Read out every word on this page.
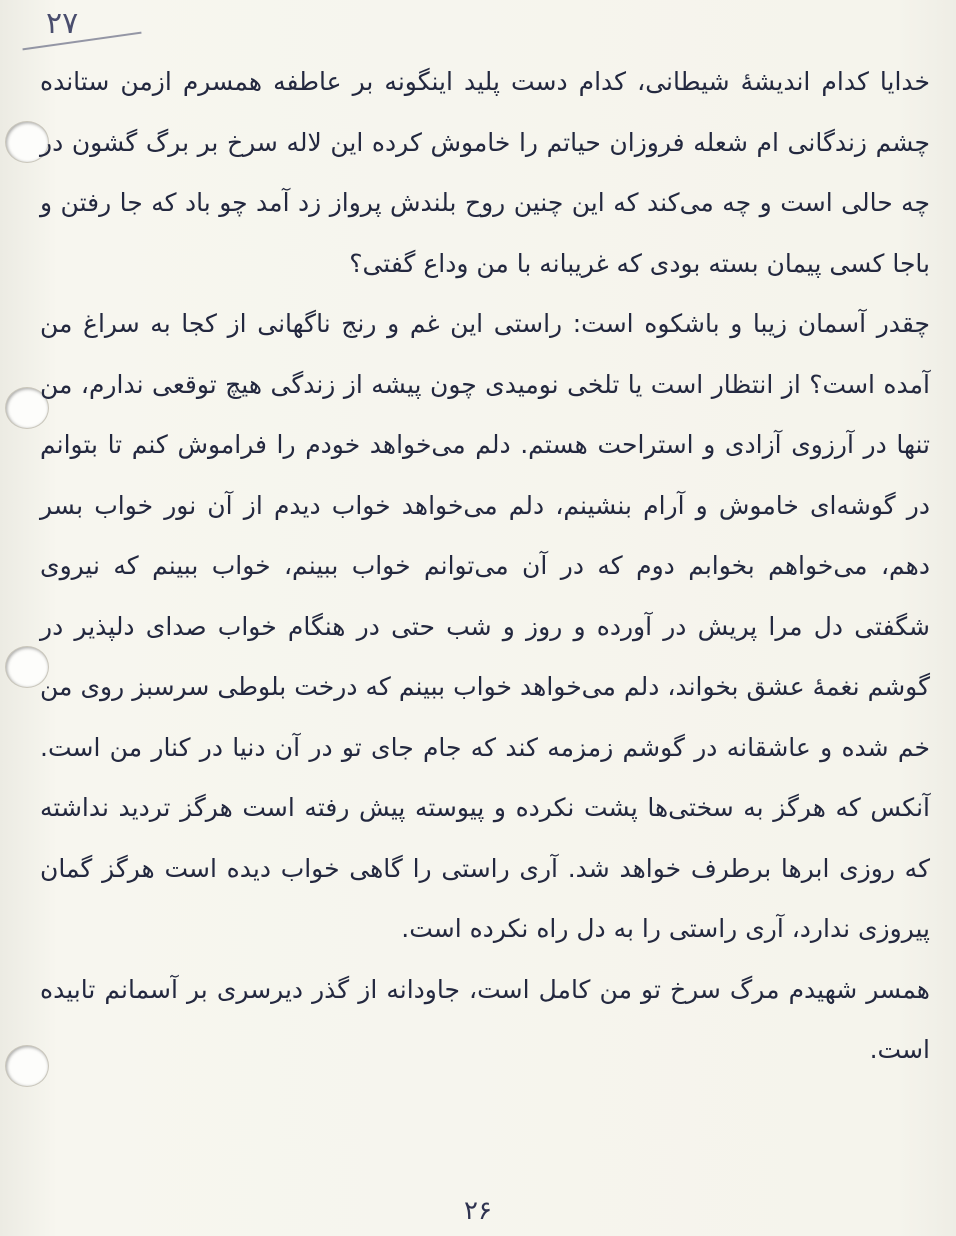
۲۷

خدایا کدام اندیشهٔ شیطانی، کدام دست پلید اینگونه بر عاطفه همسرم ازمن ستانده چشم زندگانی ام شعله فروزان حیاتم را خاموش کرده این لاله سرخ بر برگ گشون در چه حالی است و چه می‌کند که این چنین روح بلندش پرواز زد آمد چو باد که جا رفتن و باجا کسی پیمان بسته بودی که غریبانه با من وداع گفتی؟

چقدر آسمان زیبا و باشکوه است: راستی این غم و رنج ناگهانی از کجا به سراغ من آمده است؟ از انتظار است یا تلخی نومیدی چون پیشه از زندگی هیچ توقعی ندارم، من تنها در آرزوی آزادی و استراحت هستم. دلم می‌خواهد خودم را فراموش کنم تا بتوانم در گوشه‌ای خاموش و آرام بنشینم، دلم می‌خواهد خواب دیدم از آن نور خواب بسر دهم، می‌خواهم بخوابم دوم که در آن می‌توانم خواب ببینم، خواب ببینم که نیروی شگفتی دل مرا پریش در آورده و روز و شب حتی در هنگام خواب صدای دلپذیر در گوشم نغمهٔ عشق بخواند، دلم می‌خواهد خواب ببینم که درخت بلوطی سرسبز روی من خم شده و عاشقانه در گوشم زمزمه کند که جام جای تو در آن دنیا در کنار من است. آنکس که هرگز به سختی‌ها پشت نکرده و پیوسته پیش رفته است هرگز تردید نداشته که روزی ابرها برطرف خواهد شد. آری راستی را گاهی خواب دیده است هرگز گمان پیروزی ندارد، آری راستی را به دل راه نکرده است.

همسر شهیدم مرگ سرخ تو من کامل است، جاودانه از گذر دیرسری بر آسمانم تابیده است.

۲۶
